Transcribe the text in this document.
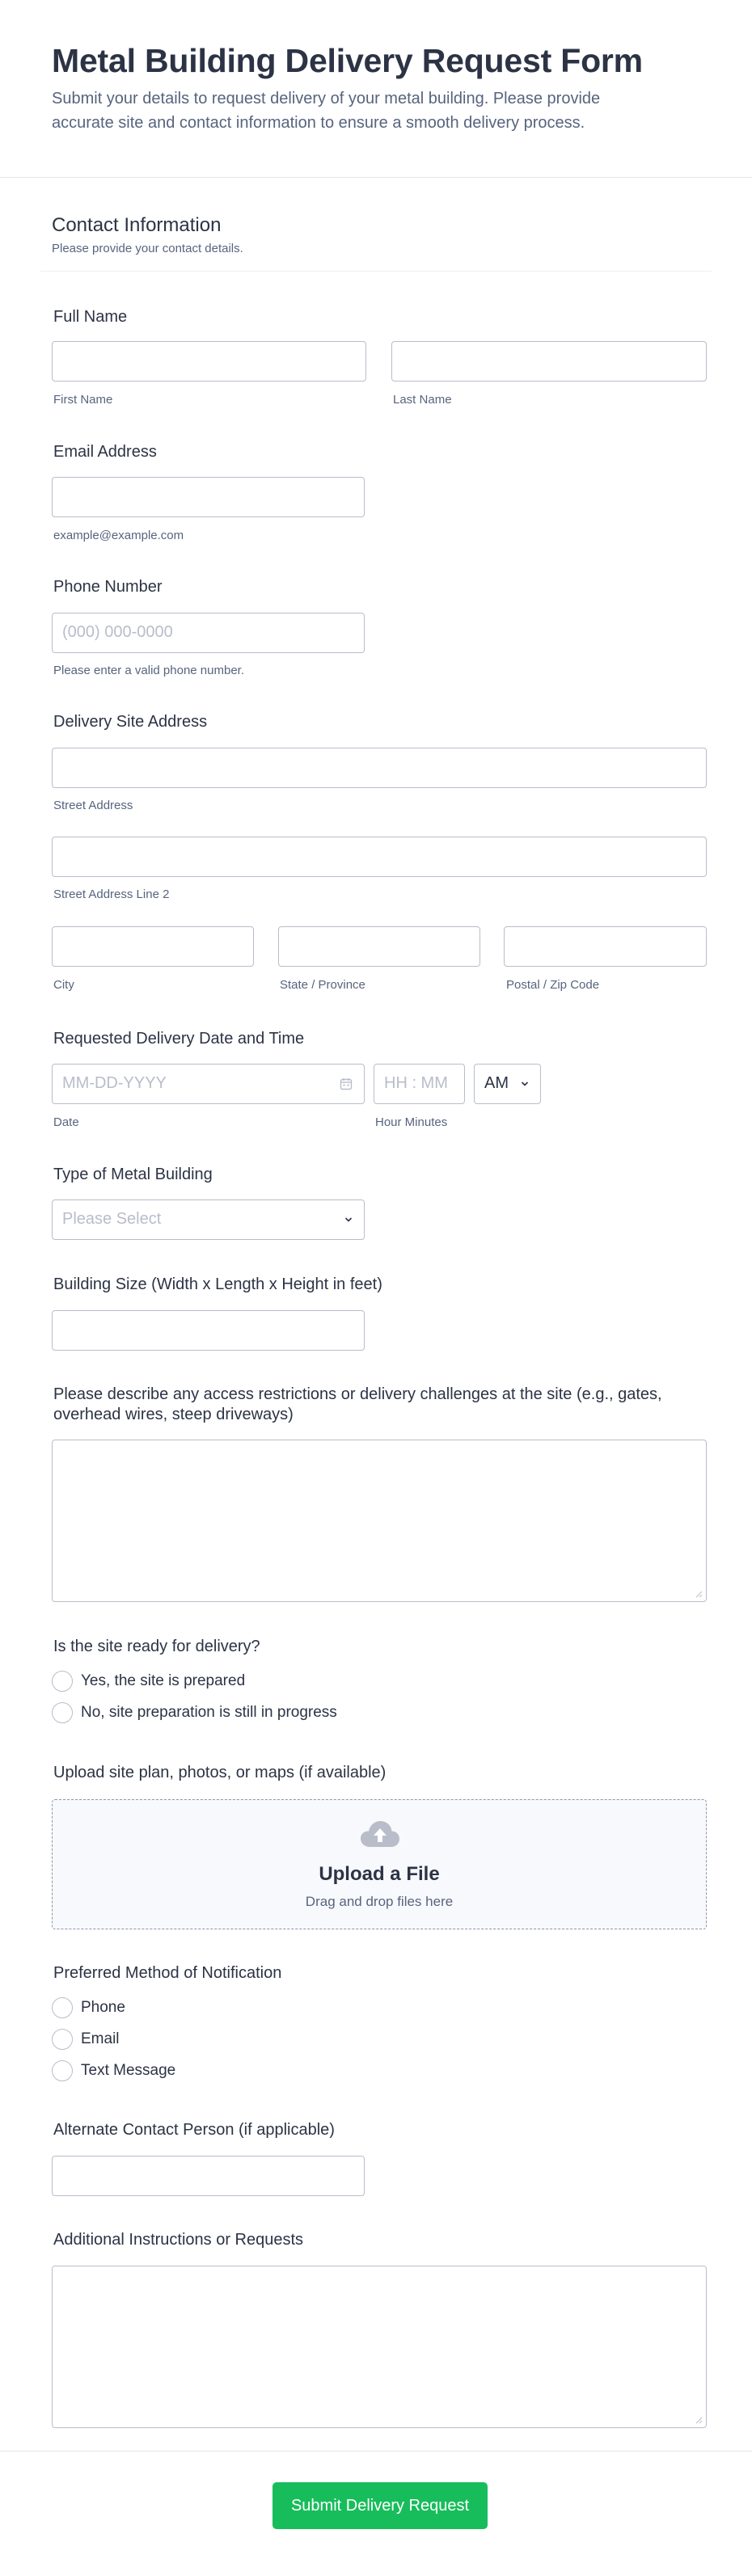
Metal Building Delivery Request Form

Submit your details to request delivery of your metal building. Please provide accurate site and contact information to ensure a smooth delivery process.

Contact Information

Please provide your contact details.

Full Name
First Name	Last Name
Email Address
example@example.com
Phone Number
(000) 000-0000
Please enter a valid phone number.
Delivery Site Address
Street Address
Street Address Line 2
City	State / Province	Postal / Zip Code
Requested Delivery Date and Time
MM-DD-YYYY	HH : MM AM
Date	Hour Minutes
Type of Metal Building
Please Select
Building Size (Width x Length x Height in feet)
Please describe any access restrictions or delivery challenges at the site (e.g., gates, overhead wires, steep driveways)
Is the site ready for delivery?
Yes, the site is prepared
No, site preparation is still in progress
Upload site plan, photos, or maps (if available)
Upload a File
Drag and drop files here
Preferred Method of Notification
Phone
Email
Text Message
Alternate Contact Person (if applicable)
Additional Instructions or Requests
Submit Delivery Request
